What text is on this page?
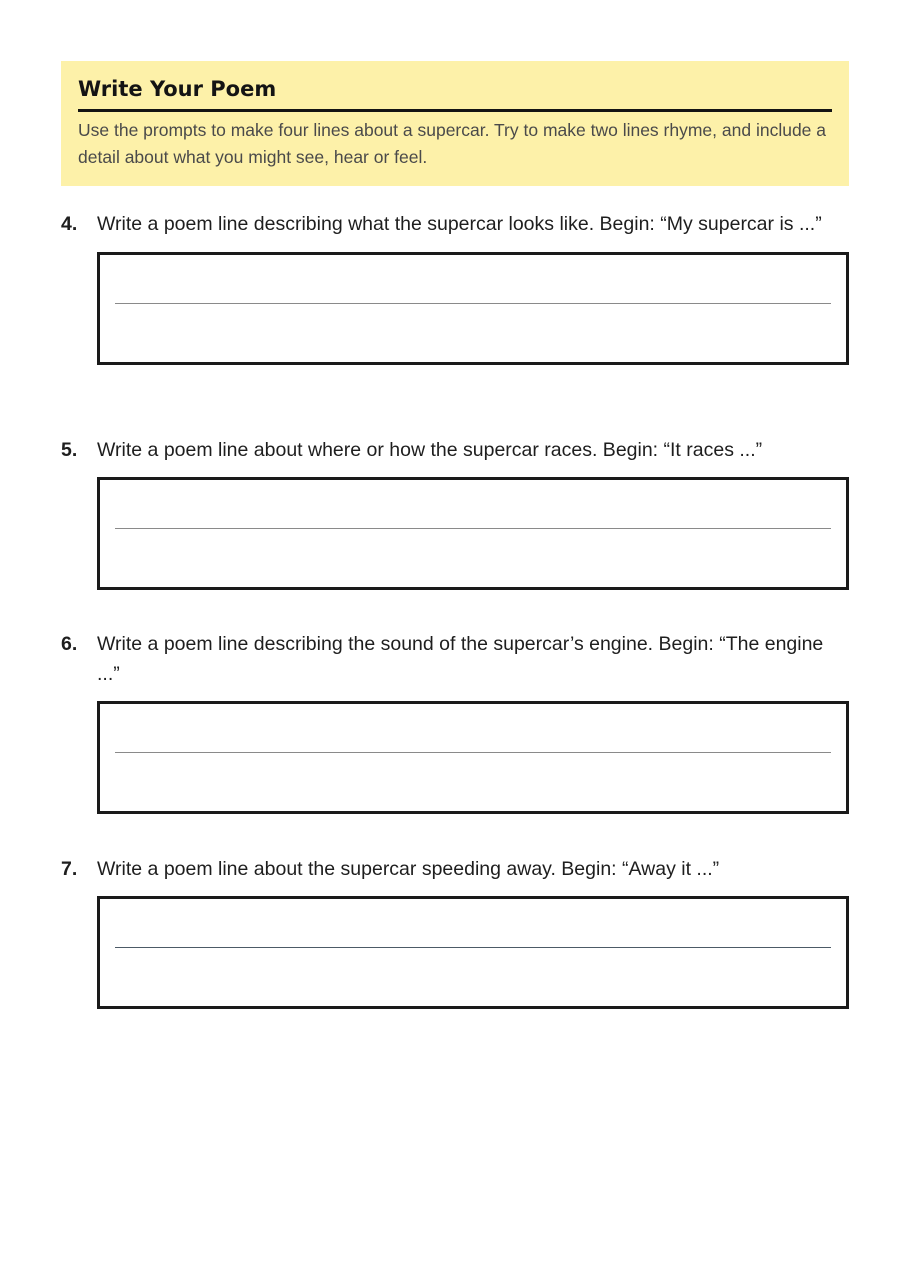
Write Your Poem

Use the prompts to make four lines about a supercar. Try to make two lines rhyme, and include a detail about what you might see, hear or feel.

4.	Write a poem line describing what the supercar looks like. Begin: “My supercar is ...”
5.	Write a poem line about where or how the supercar races. Begin: “It races ...”
6.	Write a poem line describing the sound of the supercar’s engine. Begin: “The engine ...”
7.	Write a poem line about the supercar speeding away. Begin: “Away it ...”
